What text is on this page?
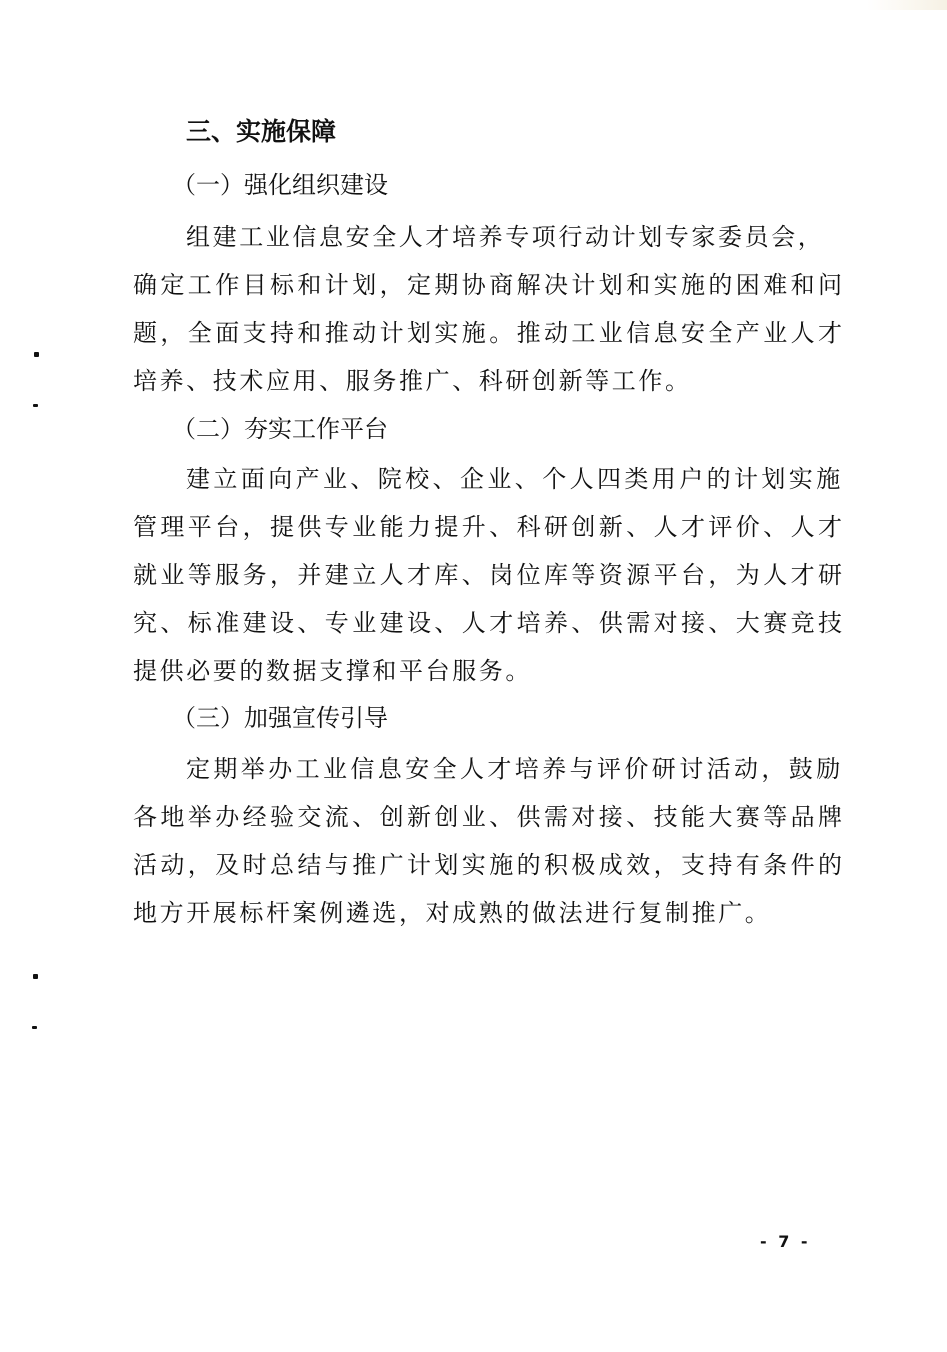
三、实施保障
（一）强化组织建设
组建工业信息安全人才培养专项行动计划专家委员会，
确定工作目标和计划，定期协商解决计划和实施的困难和问
题，全面支持和推动计划实施。推动工业信息安全产业人才
培养、技术应用、服务推广、科研创新等工作。
（二）夯实工作平台
建立面向产业、院校、企业、个人四类用户的计划实施
管理平台，提供专业能力提升、科研创新、人才评价、人才
就业等服务，并建立人才库、岗位库等资源平台，为人才研
究、标准建设、专业建设、人才培养、供需对接、大赛竞技
提供必要的数据支撑和平台服务。
（三）加强宣传引导
定期举办工业信息安全人才培养与评价研讨活动，鼓励
各地举办经验交流、创新创业、供需对接、技能大赛等品牌
活动，及时总结与推广计划实施的积极成效，支持有条件的
地方开展标杆案例遴选，对成熟的做法进行复制推广。
- 7 -
